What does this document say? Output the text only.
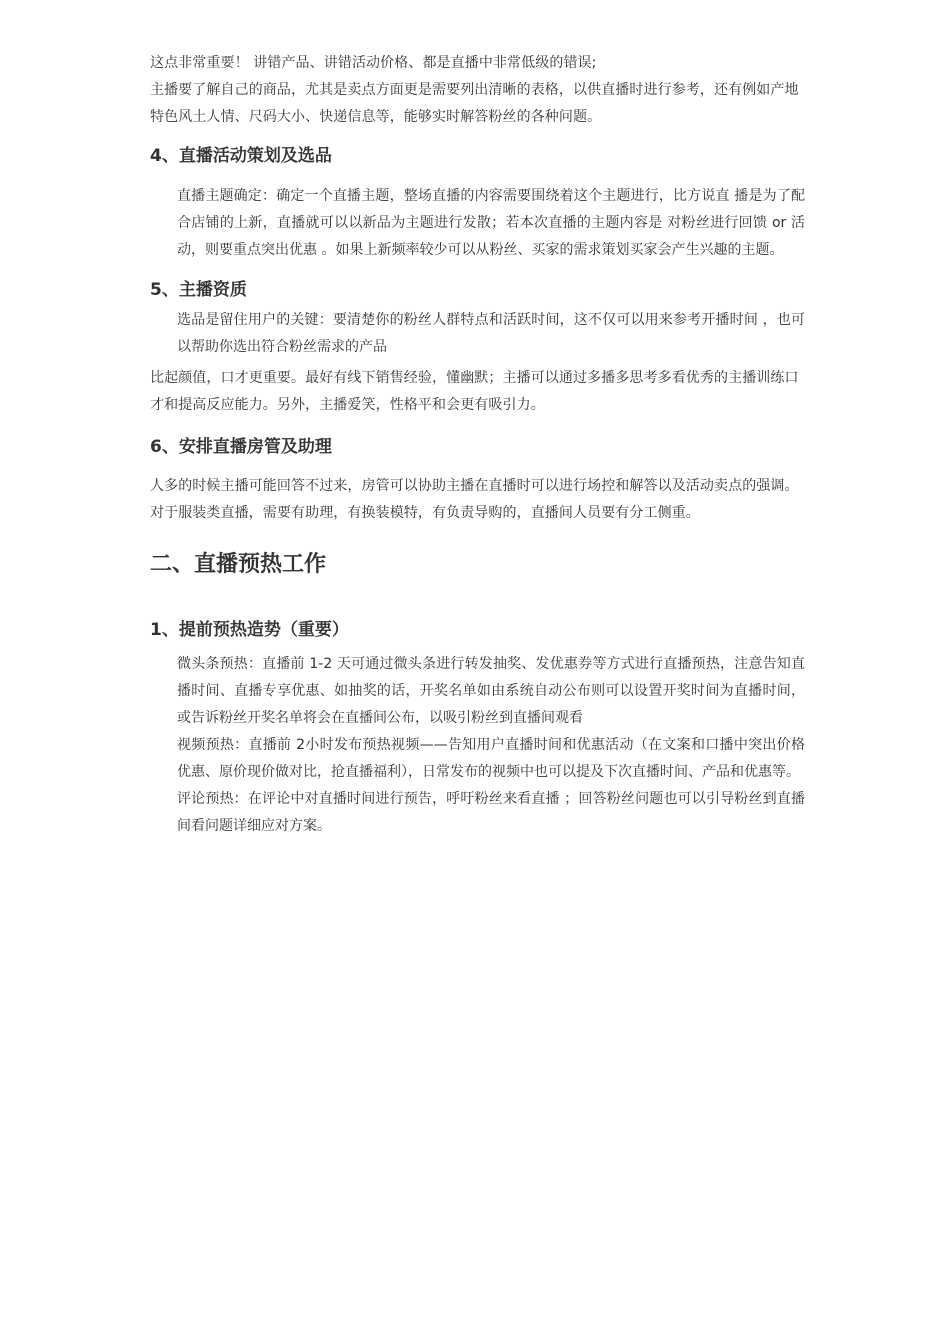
这点非常重要！ 讲错产品、讲错活动价格、都是直播中非常低级的错误;

主播要了解自己的商品，尤其是卖点方面更是需要列出清晰的表格，以供直播时进行参考，还有例如产地特色风土人情、尺码大小、快递信息等，能够实时解答粉丝的各种问题。

4、直播活动策划及选品
直播主题确定：确定一个直播主题，整场直播的内容需要围绕着这个主题进行，比方说直 播是为了配合店铺的上新，直播就可以以新品为主题进行发散；若本次直播的主题内容是 对粉丝进行回馈 or 活动，则要重点突出优惠 。如果上新频率较少可以从粉丝、买家的需求策划买家会产生兴趣的主题。
5、主播资质
选品是留住用户的关键：要清楚你的粉丝人群特点和活跃时间，这不仅可以用来参考开播时间 ，也可以帮助你选出符合粉丝需求的产品

比起颜值，口才更重要。最好有线下销售经验，懂幽默；主播可以通过多播多思考多看优秀的主播训练口才和提高反应能力。另外，主播爱笑，性格平和会更有吸引力。

6、安排直播房管及助理

人多的时候主播可能回答不过来，房管可以协助主播在直播时可以进行场控和解答以及活动卖点的强调。

对于服装类直播，需要有助理，有换装模特，有负责导购的，直播间人员要有分工侧重。

二、直播预热工作
1、提前预热造势（重要）
微头条预热：直播前 1-2 天可通过微头条进行转发抽奖、发优惠券等方式进行直播预热，注意告知直播时间、直播专享优惠、如抽奖的话，开奖名单如由系统自动公布则可以设置开奖时间为直播时间，或告诉粉丝开奖名单将会在直播间公布，以吸引粉丝到直播间观看
视频预热：直播前 2小时发布预热视频——告知用户直播时间和优惠活动（在文案和口播中突出价格优惠、原价现价做对比，抢直播福利），日常发布的视频中也可以提及下次直播时间、产品和优惠等。
评论预热：在评论中对直播时间进行预告，呼吁粉丝来看直播 ；回答粉丝问题也可以引导粉丝到直播间看问题详细应对方案。
